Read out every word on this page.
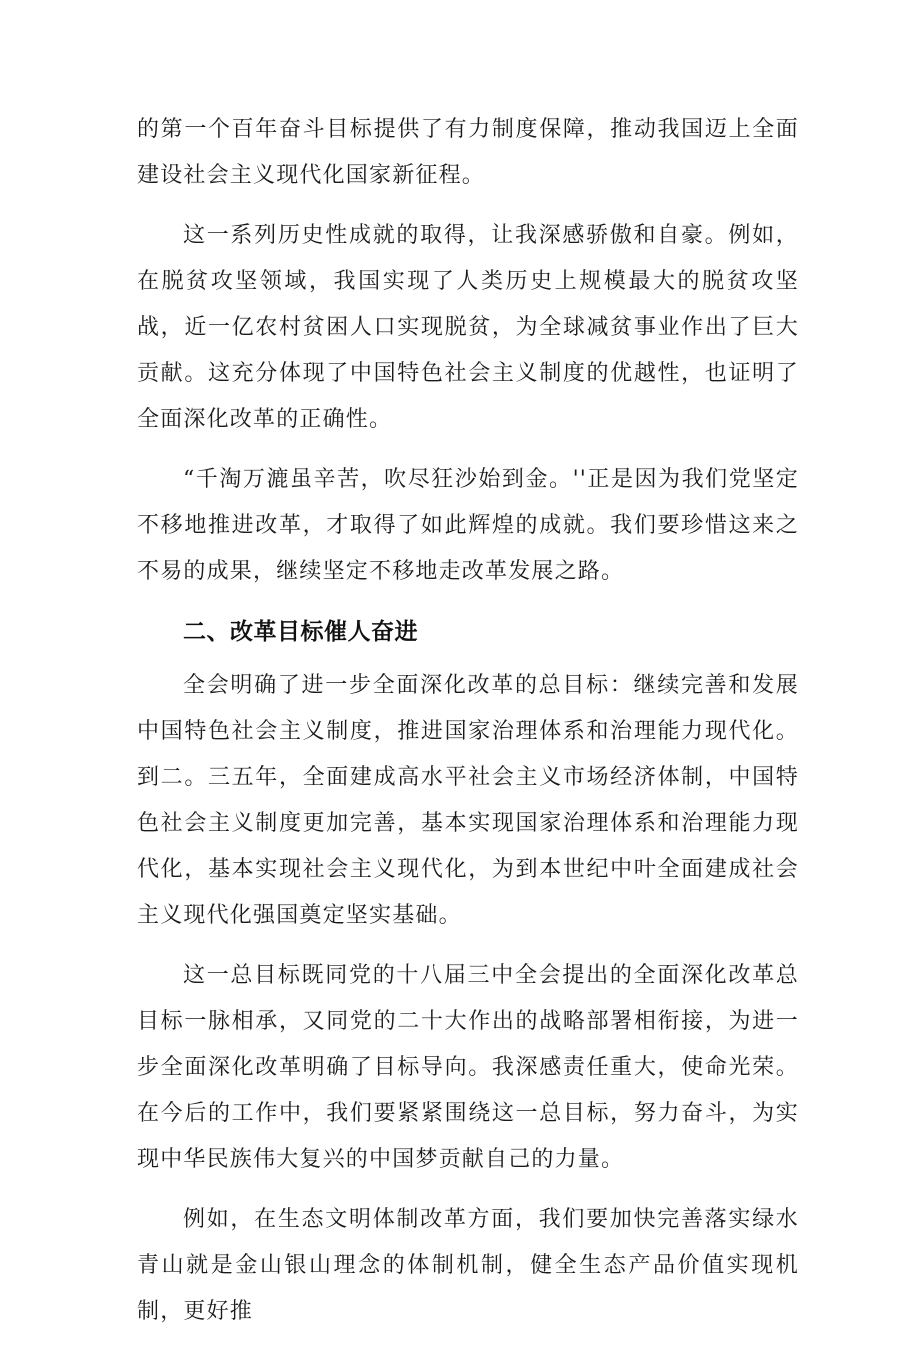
的第一个百年奋斗目标提供了有力制度保障，推动我国迈上全面建设社会主义现代化国家新征程。

这一系列历史性成就的取得，让我深感骄傲和自豪。例如，在脱贫攻坚领域，我国实现了人类历史上规模最大的脱贫攻坚战，近一亿农村贫困人口实现脱贫，为全球减贫事业作出了巨大贡献。这充分体现了中国特色社会主义制度的优越性，也证明了全面深化改革的正确性。

“千淘万漉虽辛苦，吹尽狂沙始到金。''正是因为我们党坚定不移地推进改革，才取得了如此辉煌的成就。我们要珍惜这来之不易的成果，继续坚定不移地走改革发展之路。

二、改革目标催人奋进

全会明确了进一步全面深化改革的总目标：继续完善和发展中国特色社会主义制度，推进国家治理体系和治理能力现代化。到二。三五年，全面建成高水平社会主义市场经济体制，中国特色社会主义制度更加完善，基本实现国家治理体系和治理能力现代化，基本实现社会主义现代化，为到本世纪中叶全面建成社会主义现代化强国奠定坚实基础。

这一总目标既同党的十八届三中全会提出的全面深化改革总目标一脉相承，又同党的二十大作出的战略部署相衔接，为进一步全面深化改革明确了目标导向。我深感责任重大，使命光荣。在今后的工作中，我们要紧紧围绕这一总目标，努力奋斗，为实现中华民族伟大复兴的中国梦贡献自己的力量。

例如，在生态文明体制改革方面，我们要加快完善落实绿水青山就是金山银山理念的体制机制，健全生态产品价值实现机制，更好推
